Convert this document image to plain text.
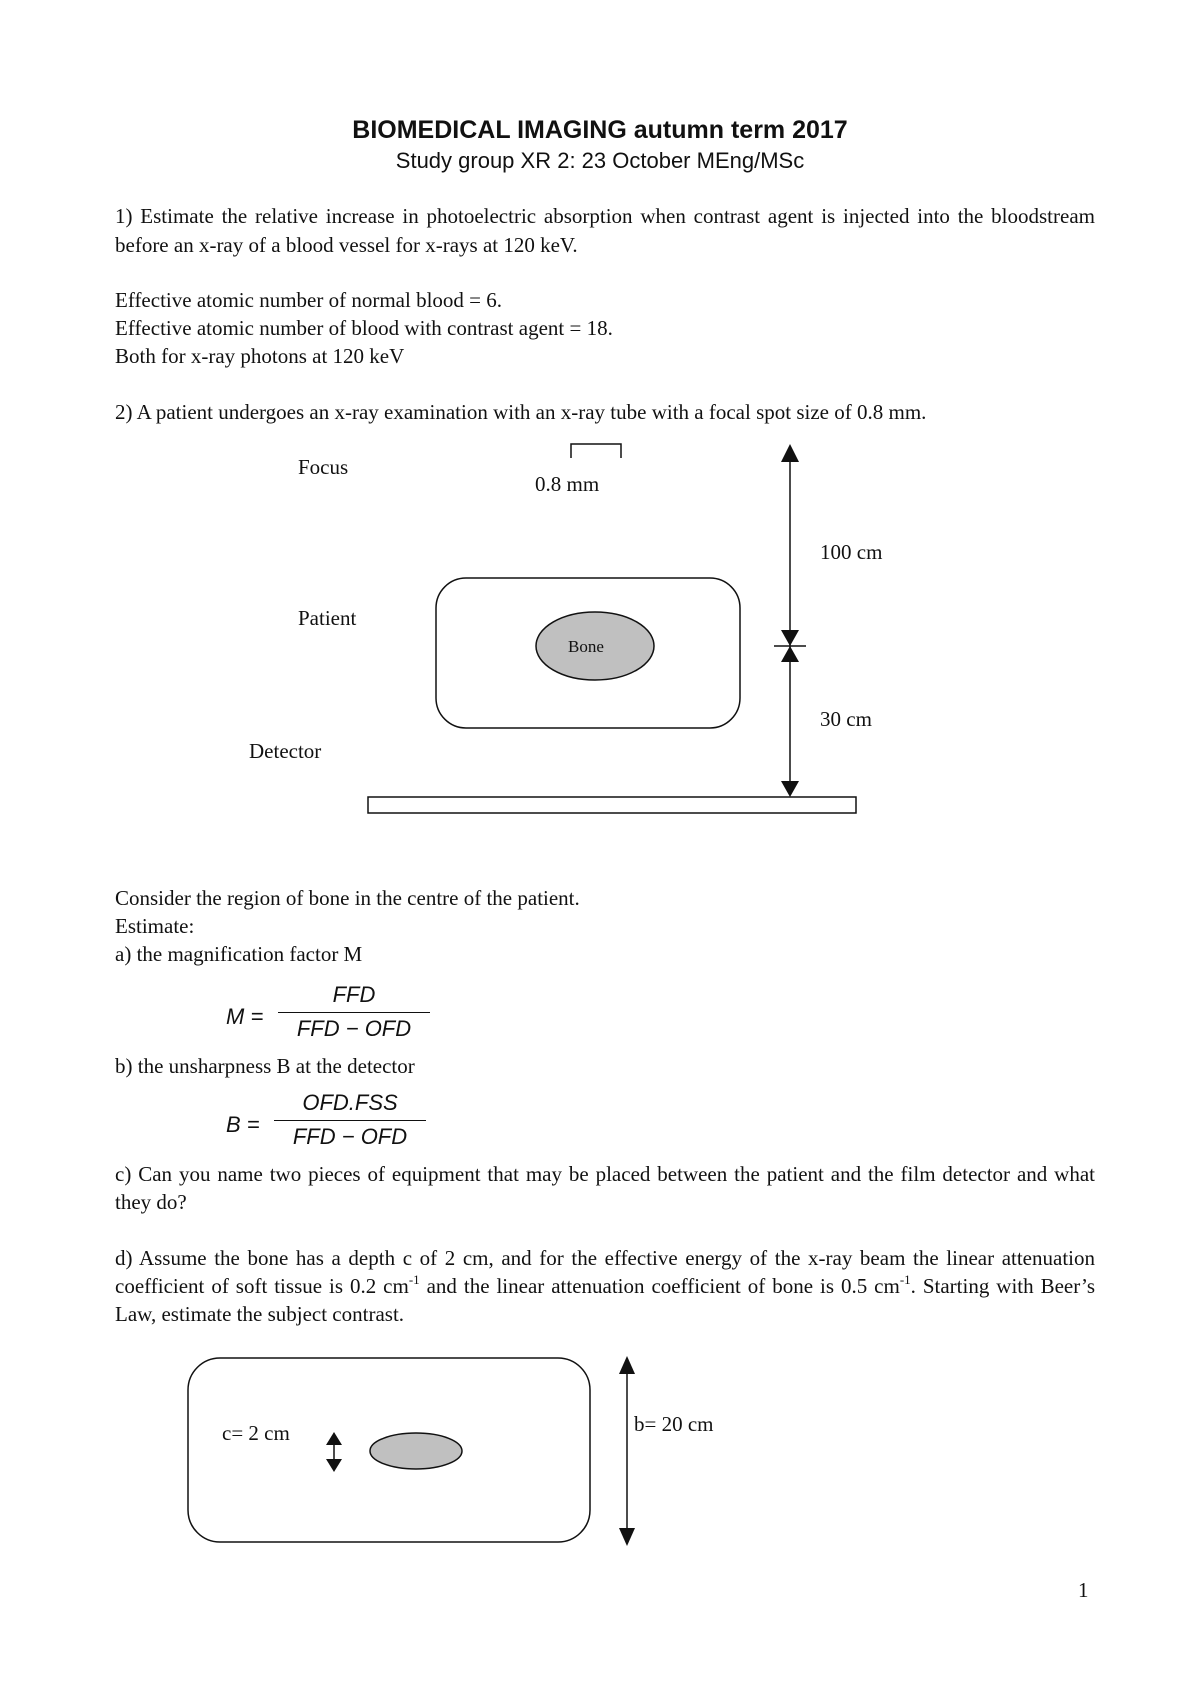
BIOMEDICAL IMAGING autumn term 2017
Study group XR 2: 23 October MEng/MSc
1) Estimate the relative increase in photoelectric absorption when contrast agent is injected into the bloodstream before an x-ray of a blood vessel for x-rays at 120 keV.
Effective atomic number of normal blood = 6.
Effective atomic number of blood with contrast agent = 18.
Both for x-ray photons at 120 keV
2) A patient undergoes an x-ray examination with an x-ray tube with a focal spot size of 0.8 mm.
Focus
0.8 mm
100 cm
Patient
Bone
30 cm
Detector
Consider the region of bone in the centre of the patient.
Estimate:
a) the magnification factor M
M =
FFD
FFD − OFD
b) the unsharpness B at the detector
B =
OFD.FSS
FFD − OFD
c) Can you name two pieces of equipment that may be placed between the patient and the film detector and what they do?
d) Assume the bone has a depth c of 2 cm, and for the effective energy of the x-ray beam the linear attenuation coefficient of soft tissue is 0.2 $cm^{-1}$ and the linear attenuation coefficient of bone is 0.5 $cm^{-1}$. Starting with Beer’s Law, estimate the subject contrast.
c= 2 cm	b= 20 cm
1
